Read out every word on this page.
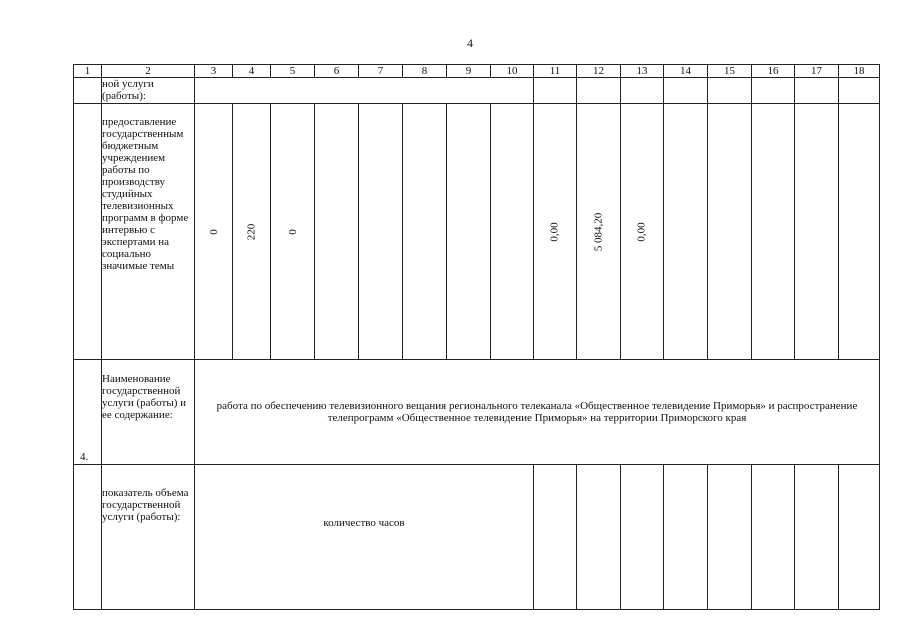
4
1	2	3	4	5	6	7	8	9	10	11	12	13	14	15	16	17	18
	ной услуги (работы):																
	предоставление государственным бюджетным учреждением работы по производству студийных телевизионных программ в форме интервью с экспертами на социально значимые темы	0	220	0						0,00	5 084,20	0,00					

4.	Наименование государственной услуги (работы) и ее содержание:	работа по обеспечению телевизионного вещания регионального телеканала «Общественное телевидение Приморья» и распространение телепрограмм «Общественное телевидение Приморья» на территории Приморского края															
	показатель объема государственной услуги (работы):	количество часов															
